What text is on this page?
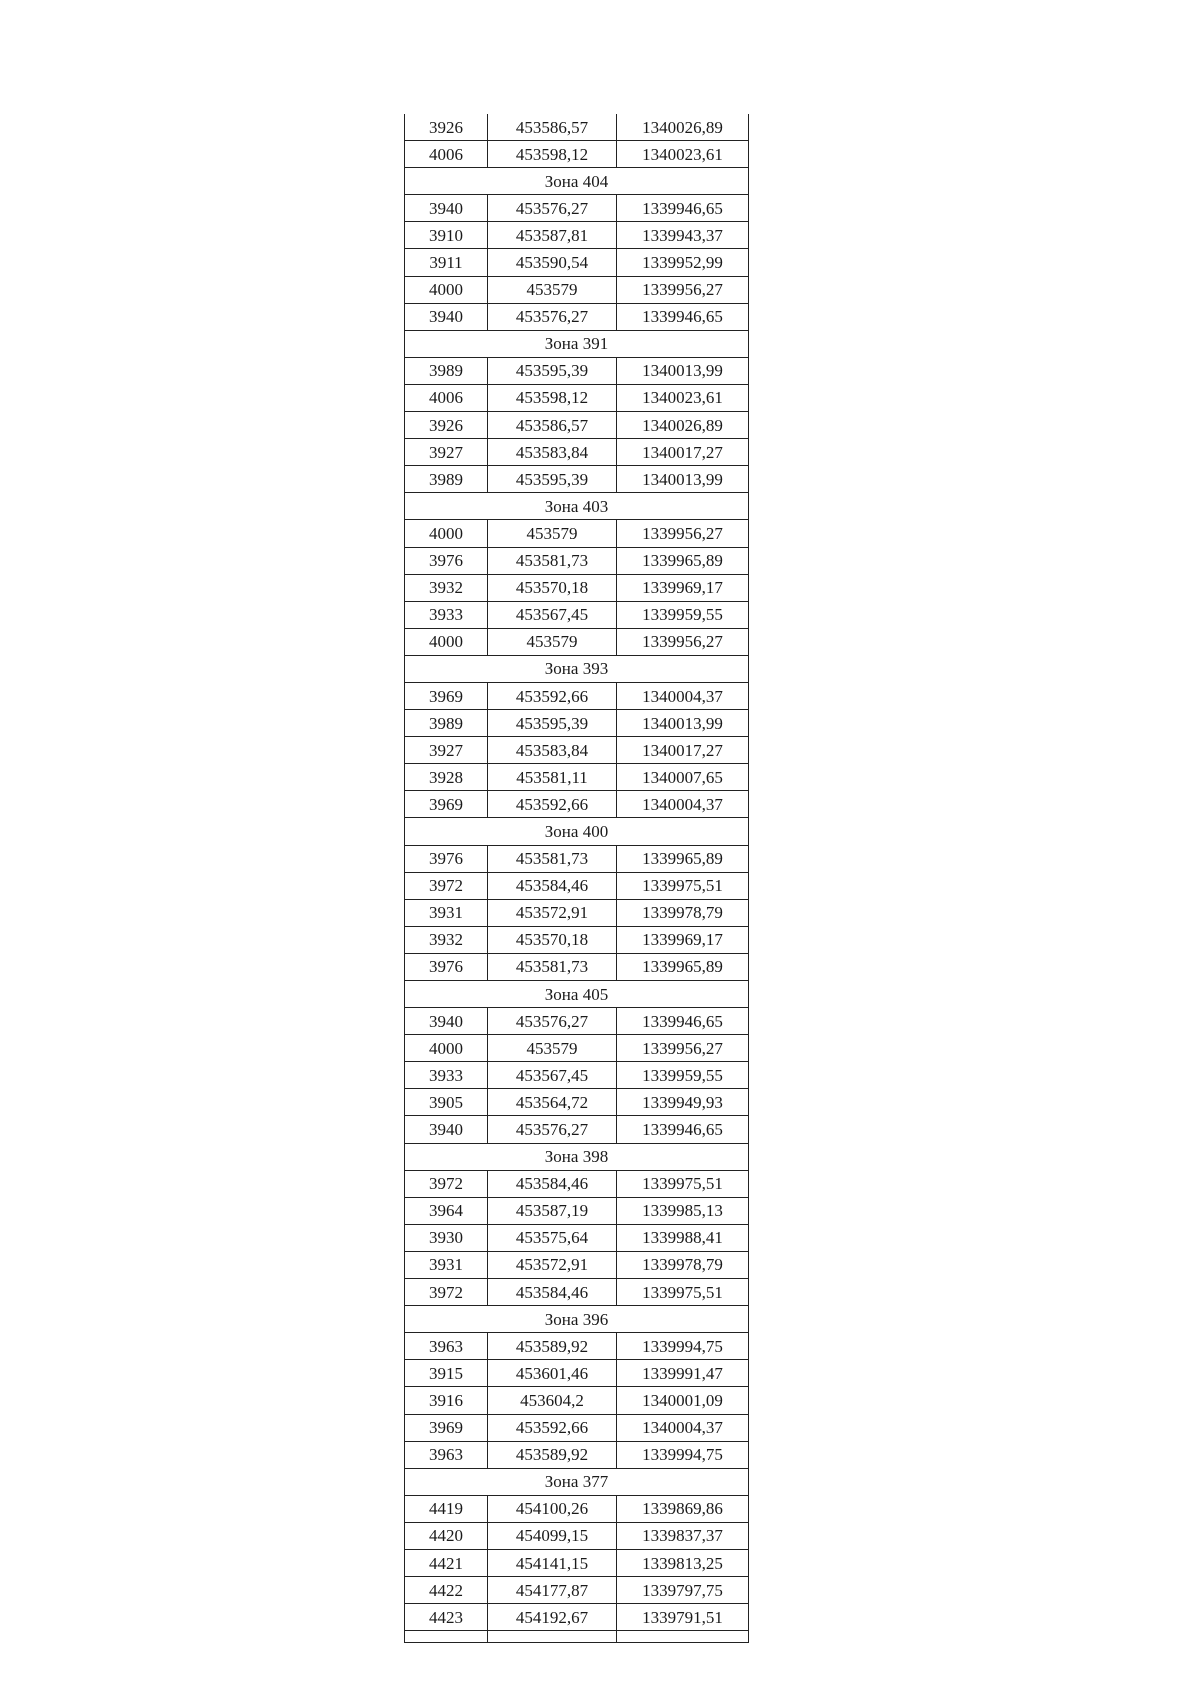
3926	453586,57	1340026,89
4006	453598,12	1340023,61
Зона 404		
3940	453576,27	1339946,65
3910	453587,81	1339943,37
3911	453590,54	1339952,99
4000	453579	1339956,27
3940	453576,27	1339946,65
Зона 391		
3989	453595,39	1340013,99
4006	453598,12	1340023,61
3926	453586,57	1340026,89
3927	453583,84	1340017,27
3989	453595,39	1340013,99
Зона 403		
4000	453579	1339956,27
3976	453581,73	1339965,89
3932	453570,18	1339969,17
3933	453567,45	1339959,55
4000	453579	1339956,27
Зона 393		
3969	453592,66	1340004,37
3989	453595,39	1340013,99
3927	453583,84	1340017,27
3928	453581,11	1340007,65
3969	453592,66	1340004,37
Зона 400		
3976	453581,73	1339965,89
3972	453584,46	1339975,51
3931	453572,91	1339978,79
3932	453570,18	1339969,17
3976	453581,73	1339965,89
Зона 405		
3940	453576,27	1339946,65
4000	453579	1339956,27
3933	453567,45	1339959,55
3905	453564,72	1339949,93
3940	453576,27	1339946,65
Зона 398		
3972	453584,46	1339975,51
3964	453587,19	1339985,13
3930	453575,64	1339988,41
3931	453572,91	1339978,79
3972	453584,46	1339975,51
Зона 396		
3963	453589,92	1339994,75
3915	453601,46	1339991,47
3916	453604,2	1340001,09
3969	453592,66	1340004,37
3963	453589,92	1339994,75
Зона 377		
4419	454100,26	1339869,86
4420	454099,15	1339837,37
4421	454141,15	1339813,25
4422	454177,87	1339797,75
4423	454192,67	1339791,51
